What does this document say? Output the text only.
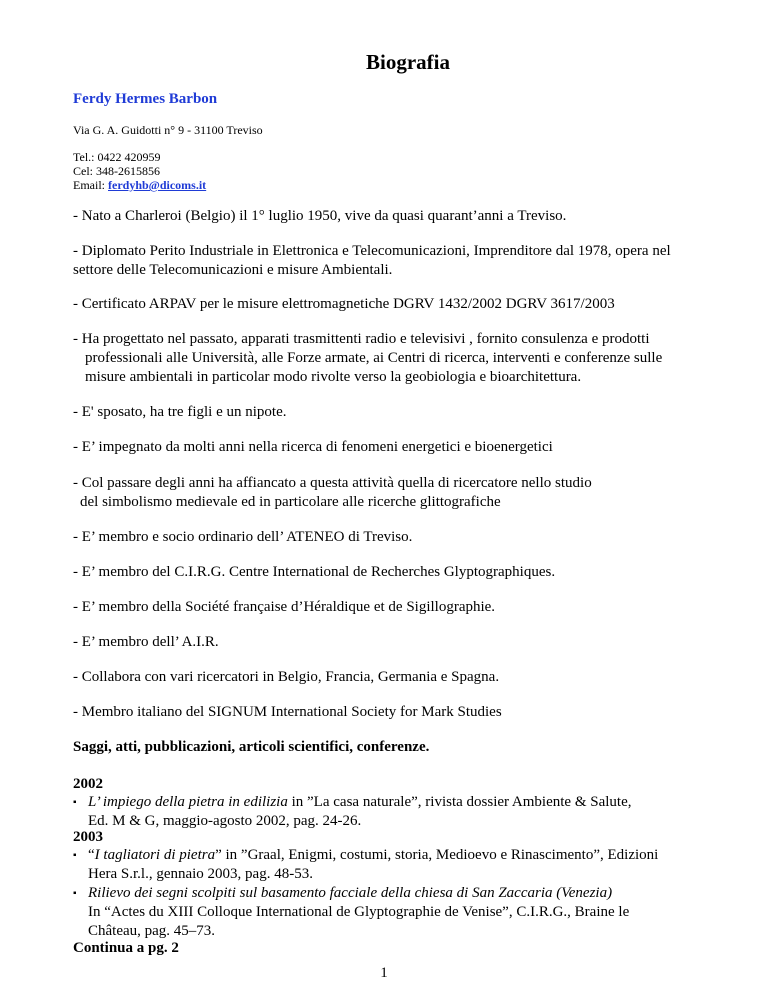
Biografia

Ferdy Hermes Barbon

Via G. A. Guidotti n° 9 - 31100 Treviso

Tel.: 0422 420959
Cel: 348-2615856
Email: ferdyhb@dicoms.it

- Nato a Charleroi (Belgio) il 1° luglio 1950, vive da quasi quarant’anni a Treviso.

- Diplomato Perito Industriale in Elettronica e Telecomunicazioni, Imprenditore dal 1978, opera nel settore delle Telecomunicazioni e misure Ambientali.

- Certificato ARPAV per le misure elettromagnetiche DGRV 1432/2002 DGRV 3617/2003

- Ha progettato nel passato, apparati trasmittenti radio e televisivi , fornito consulenza e prodotti
professionali alle Università, alle Forze armate, ai Centri di ricerca, interventi e conferenze sulle
misure ambientali in particolar modo rivolte verso la geobiologia e bioarchitettura.

- E' sposato, ha tre figli e un nipote.

- E’ impegnato da molti anni nella ricerca di fenomeni energetici e bioenergetici

- Col passare degli anni ha affiancato a questa attività quella di ricercatore nello studio
del simbolismo medievale ed in particolare alle ricerche glittografiche

- E’ membro e socio ordinario dell’ ATENEO di Treviso.

- E’ membro del C.I.R.G. Centre International de Recherches Glyptographiques.

- E’ membro della Société française d’Héraldique et de Sigillographie.

- E’ membro dell’ A.I.R.

- Collabora con vari ricercatori in Belgio, Francia, Germania e Spagna.

- Membro italiano del SIGNUM International Society for Mark Studies

Saggi, atti, pubblicazioni, articoli scientifici, conferenze.

2002

▪ L’ impiego della pietra in edilizia in ”La casa naturale”, rivista dossier Ambiente & Salute,
Ed. M & G, maggio-agosto 2002, pag. 24-26.

2003

▪ “I tagliatori di pietra” in ”Graal, Enigmi, costumi, storia, Medioevo e Rinascimento”, Edizioni
Hera S.r.l., gennaio 2003, pag. 48-53.
▪ Rilievo dei segni scolpiti sul basamento facciale della chiesa di San Zaccaria (Venezia)
In “Actes du XIII Colloque International de Glyptographie de Venise”, C.I.R.G., Braine le
Château, pag. 45–73.

Continua a pg. 2

1
